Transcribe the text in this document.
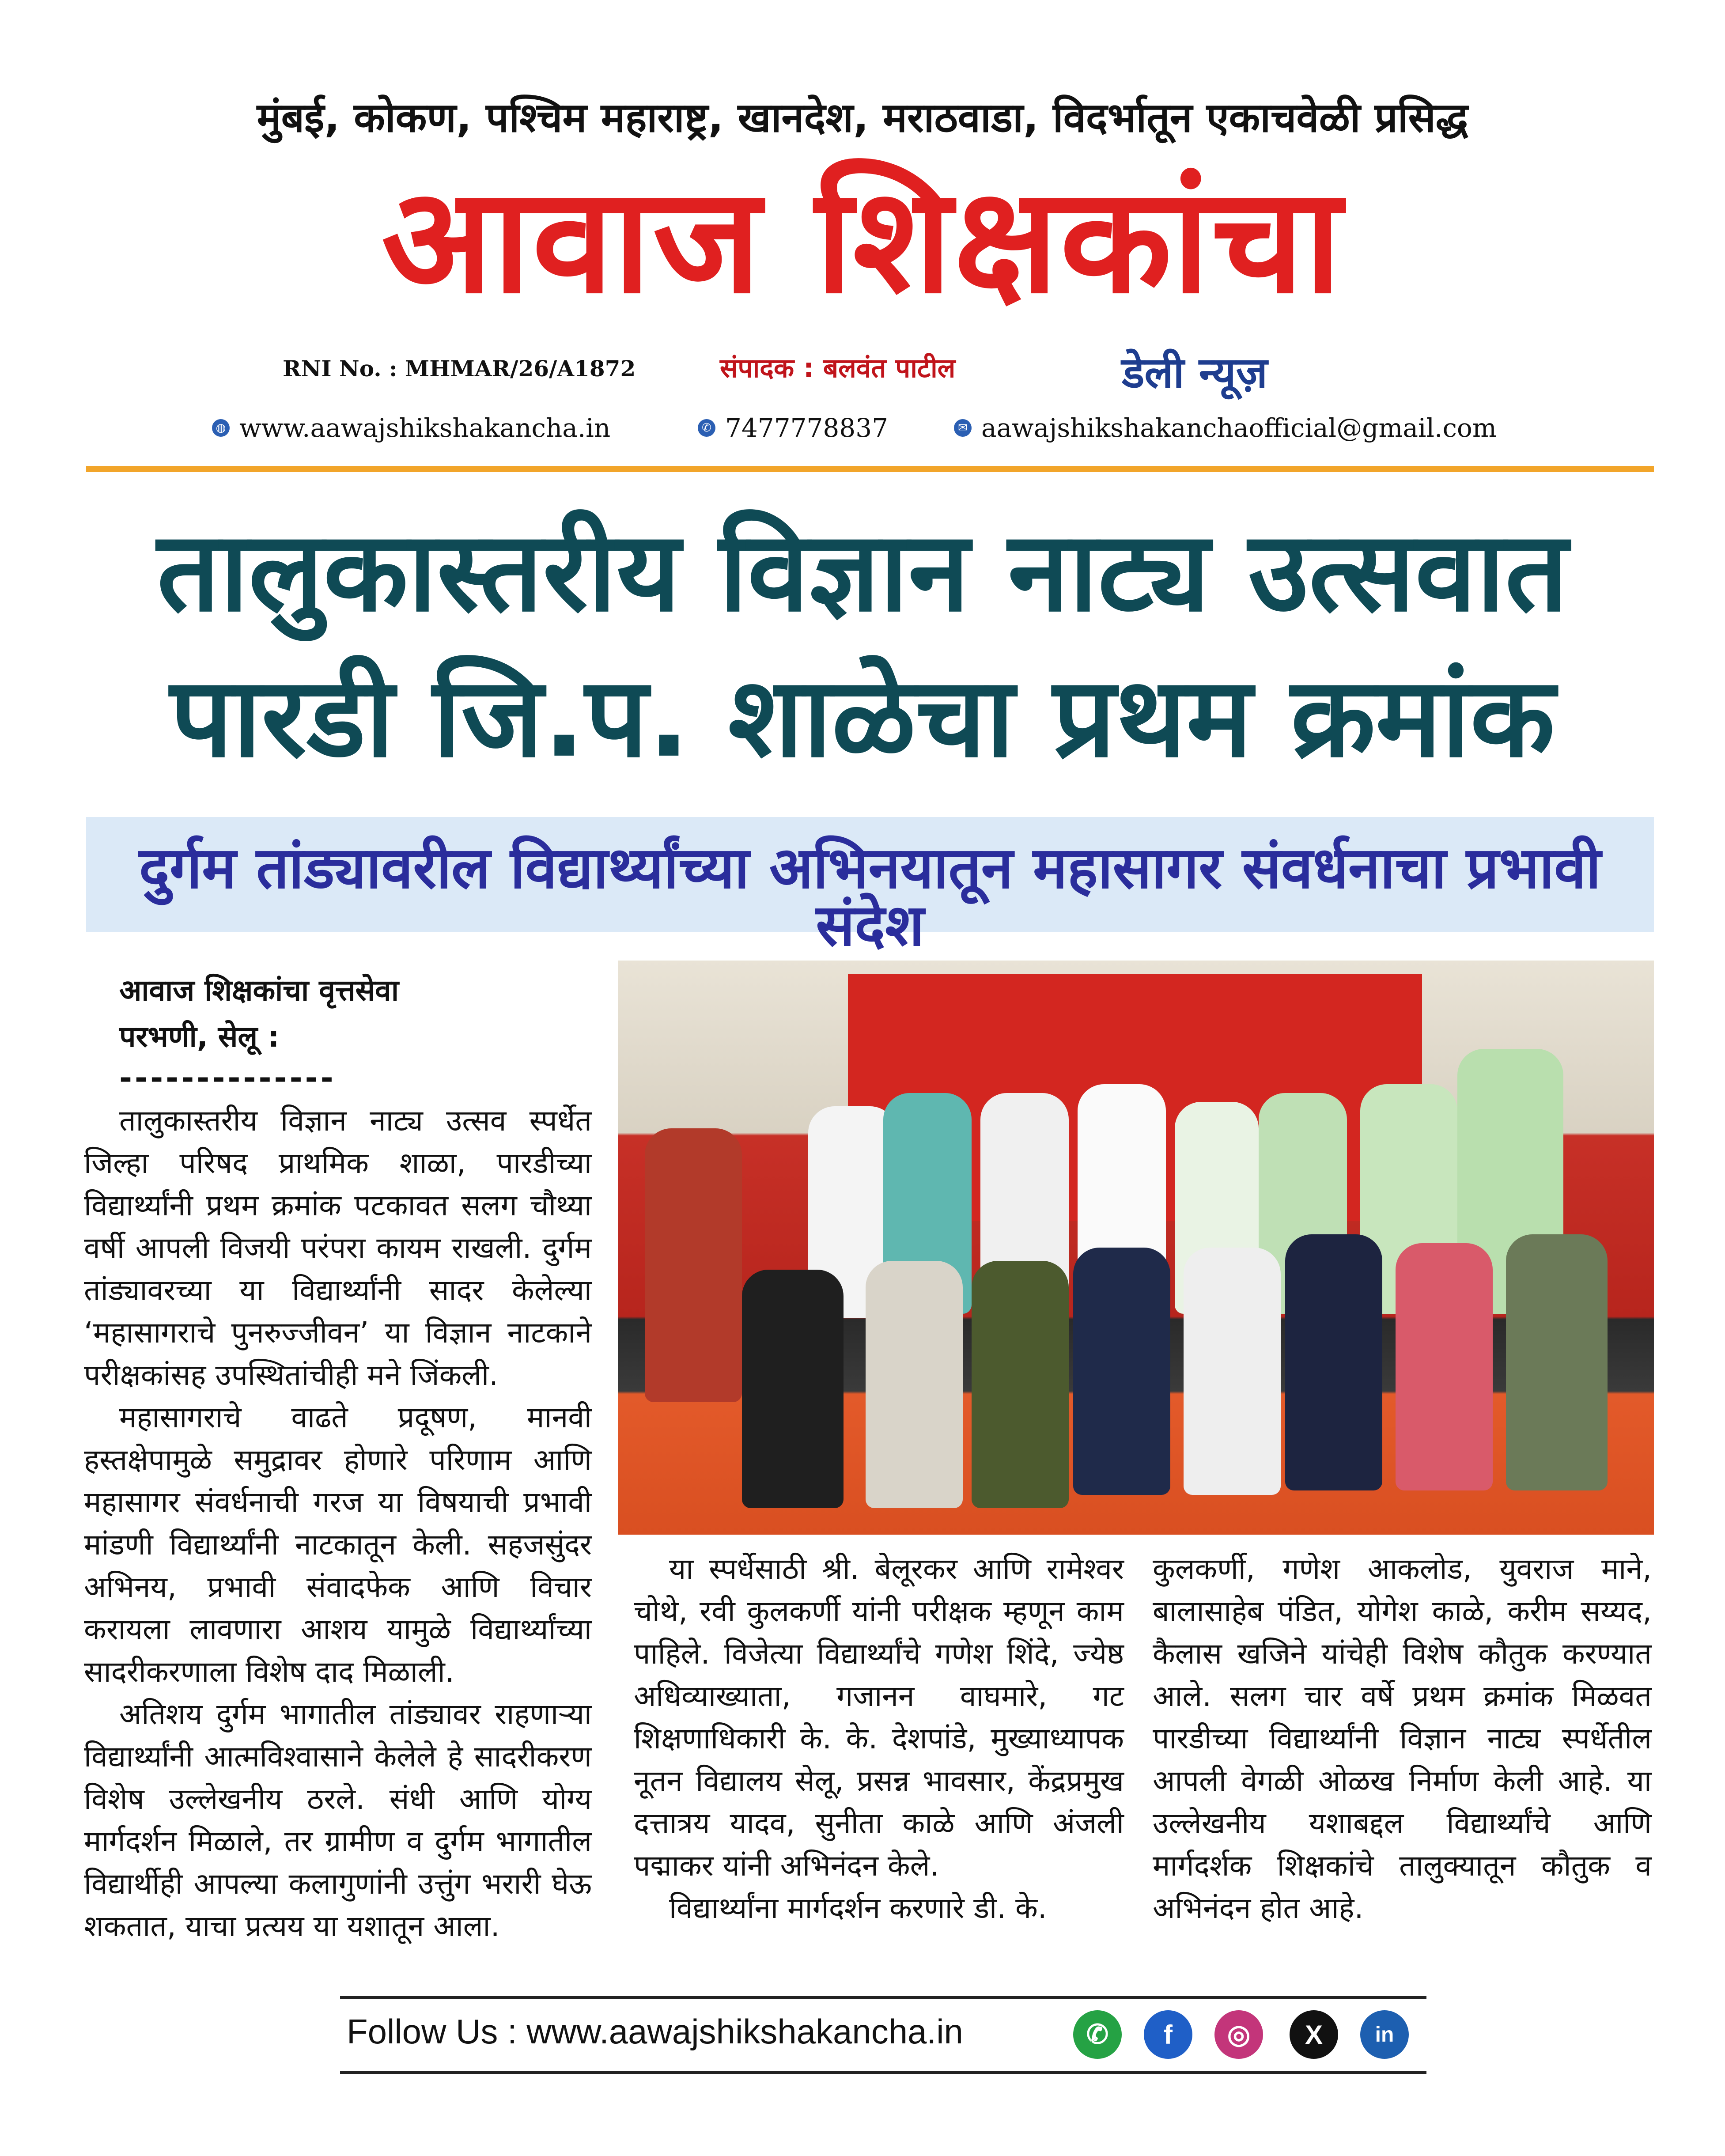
मुंबई, कोकण, पश्चिम महाराष्ट्र, खानदेश, मराठवाडा, विदर्भातून एकाचवेळी प्रसिद्ध
आवाज शिक्षकांचा
RNI No. : MHMAR/26/A1872	संपादक : बलवंत पाटील	डेली न्यूज़
◍ www.aawajshikshakancha.in	✆ 7477778837	✉ aawajshikshakanchaofficial@gmail.com
तालुकास्तरीय विज्ञान नाट्य उत्सवात
पारडी जि.प. शाळेचा प्रथम क्रमांक
दुर्गम तांड्यावरील विद्यार्थ्यांच्या अभिनयातून महासागर संवर्धनाचा प्रभावी संदेश
आवाज शिक्षकांचा वृत्तसेवा
परभणी, सेलू :
--------------

तालुकास्तरीय विज्ञान नाट्य उत्सव स्पर्धेत जिल्हा परिषद प्राथमिक शाळा, पारडीच्या विद्यार्थ्यांनी प्रथम क्रमांक पटकावत सलग चौथ्या वर्षी आपली विजयी परंपरा कायम राखली. दुर्गम तांड्यावरच्या या विद्यार्थ्यांनी सादर केलेल्या ‘महासागराचे पुनरुज्जीवन’ या विज्ञान नाटकाने परीक्षकांसह उपस्थितांचीही मने जिंकली.

महासागराचे वाढते प्रदूषण, मानवी हस्तक्षेपामुळे समुद्रावर होणारे परिणाम आणि महासागर संवर्धनाची गरज या विषयाची प्रभावी मांडणी विद्यार्थ्यांनी नाटकातून केली. सहजसुंदर अभिनय, प्रभावी संवादफेक आणि विचार करायला लावणारा आशय यामुळे विद्यार्थ्यांच्या सादरीकरणाला विशेष दाद मिळाली.

अतिशय दुर्गम भागातील तांड्यावर राहणाऱ्या विद्यार्थ्यांनी आत्मविश्वासाने केलेले हे सादरीकरण विशेष उल्लेखनीय ठरले. संधी आणि योग्य मार्गदर्शन मिळाले, तर ग्रामीण व दुर्गम भागातील विद्यार्थीही आपल्या कलागुणांनी उत्तुंग भरारी घेऊ शकतात, याचा प्रत्यय या यशातून आला.

या स्पर्धेसाठी श्री. बेलूरकर आणि रामेश्वर चोथे, रवी कुलकर्णी यांनी परीक्षक म्हणून काम पाहिले. विजेत्या विद्यार्थ्यांचे गणेश शिंदे, ज्येष्ठ अधिव्याख्याता, गजानन वाघमारे, गट शिक्षणाधिकारी के. के. देशपांडे, मुख्याध्यापक नूतन विद्यालय सेलू, प्रसन्न भावसार, केंद्रप्रमुख दत्तात्रय यादव, सुनीता काळे आणि अंजली पद्माकर यांनी अभिनंदन केले.

विद्यार्थ्यांना मार्गदर्शन करणारे डी. के.

कुलकर्णी, गणेश आकलोड, युवराज माने, बालासाहेब पंडित, योगेश काळे, करीम सय्यद, कैलास खजिने यांचेही विशेष कौतुक करण्यात आले. सलग चार वर्षे प्रथम क्रमांक मिळवत पारडीच्या विद्यार्थ्यांनी विज्ञान नाट्य स्पर्धेतील आपली वेगळी ओळख निर्माण केली आहे. या उल्लेखनीय यशाबद्दल विद्यार्थ्यांचे आणि मार्गदर्शक शिक्षकांचे तालुक्यातून कौतुक व अभिनंदन होत आहे.

Follow Us : www.aawajshikshakancha.in	✆	f	◎	X	in
